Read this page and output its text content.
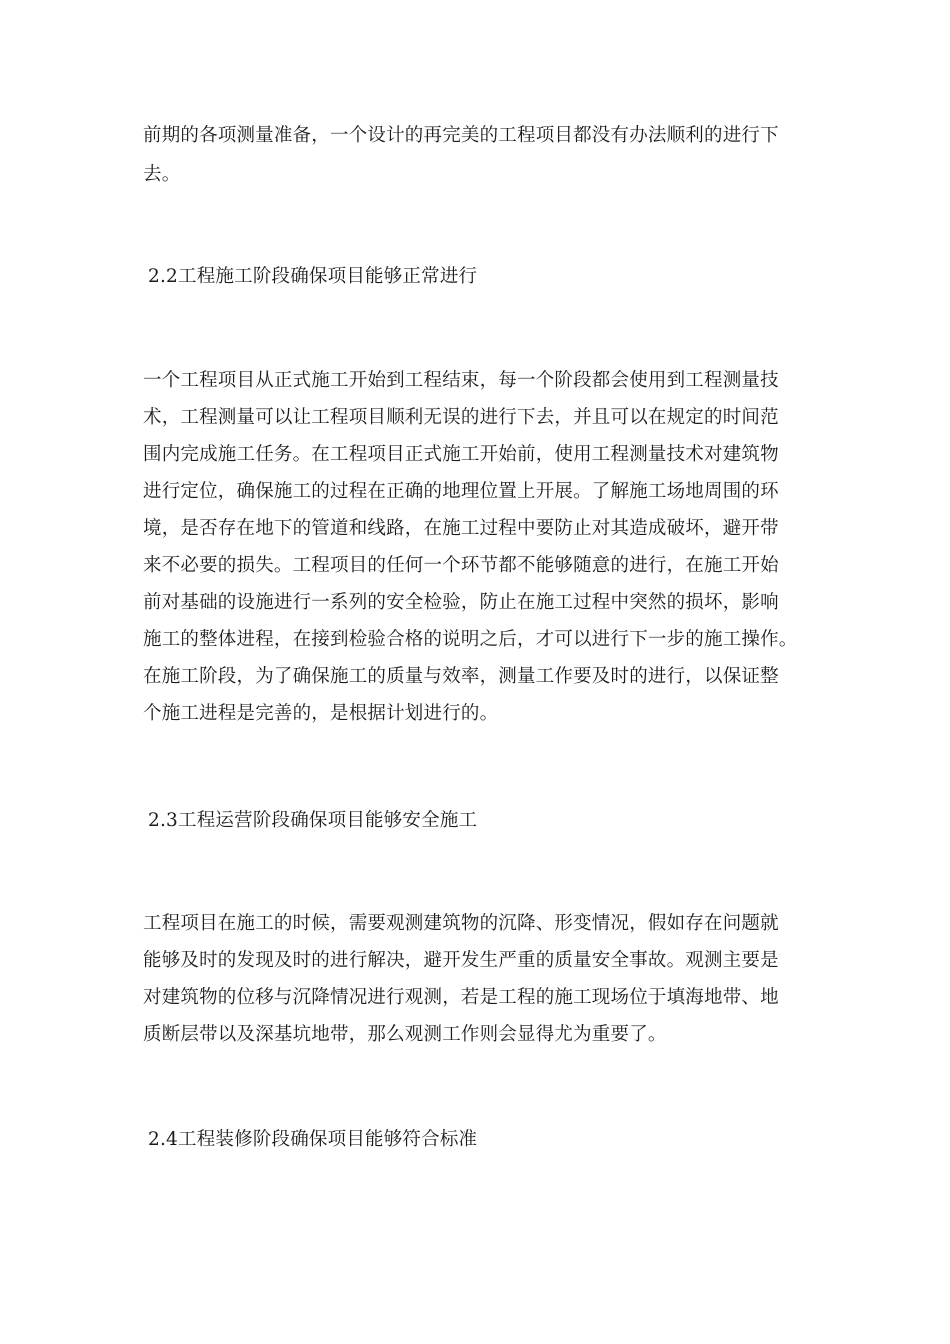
前期的各项测量准备，一个设计的再完美的工程项目都没有办法顺利的进行下
去。
2.2工程施工阶段确保项目能够正常进行
一个工程项目从正式施工开始到工程结束，每一个阶段都会使用到工程测量技
术，工程测量可以让工程项目顺利无误的进行下去，并且可以在规定的时间范
围内完成施工任务。在工程项目正式施工开始前，使用工程测量技术对建筑物
进行定位，确保施工的过程在正确的地理位置上开展。了解施工场地周围的环
境，是否存在地下的管道和线路，在施工过程中要防止对其造成破坏，避开带
来不必要的损失。工程项目的任何一个环节都不能够随意的进行，在施工开始
前对基础的设施进行一系列的安全检验，防止在施工过程中突然的损坏，影响
施工的整体进程，在接到检验合格的说明之后，才可以进行下一步的施工操作。
在施工阶段，为了确保施工的质量与效率，测量工作要及时的进行，以保证整
个施工进程是完善的，是根据计划进行的。
2.3工程运营阶段确保项目能够安全施工
工程项目在施工的时候，需要观测建筑物的沉降、形变情况，假如存在问题就
能够及时的发现及时的进行解决，避开发生严重的质量安全事故。观测主要是
对建筑物的位移与沉降情况进行观测，若是工程的施工现场位于填海地带、地
质断层带以及深基坑地带，那么观测工作则会显得尤为重要了。
2.4工程装修阶段确保项目能够符合标准
